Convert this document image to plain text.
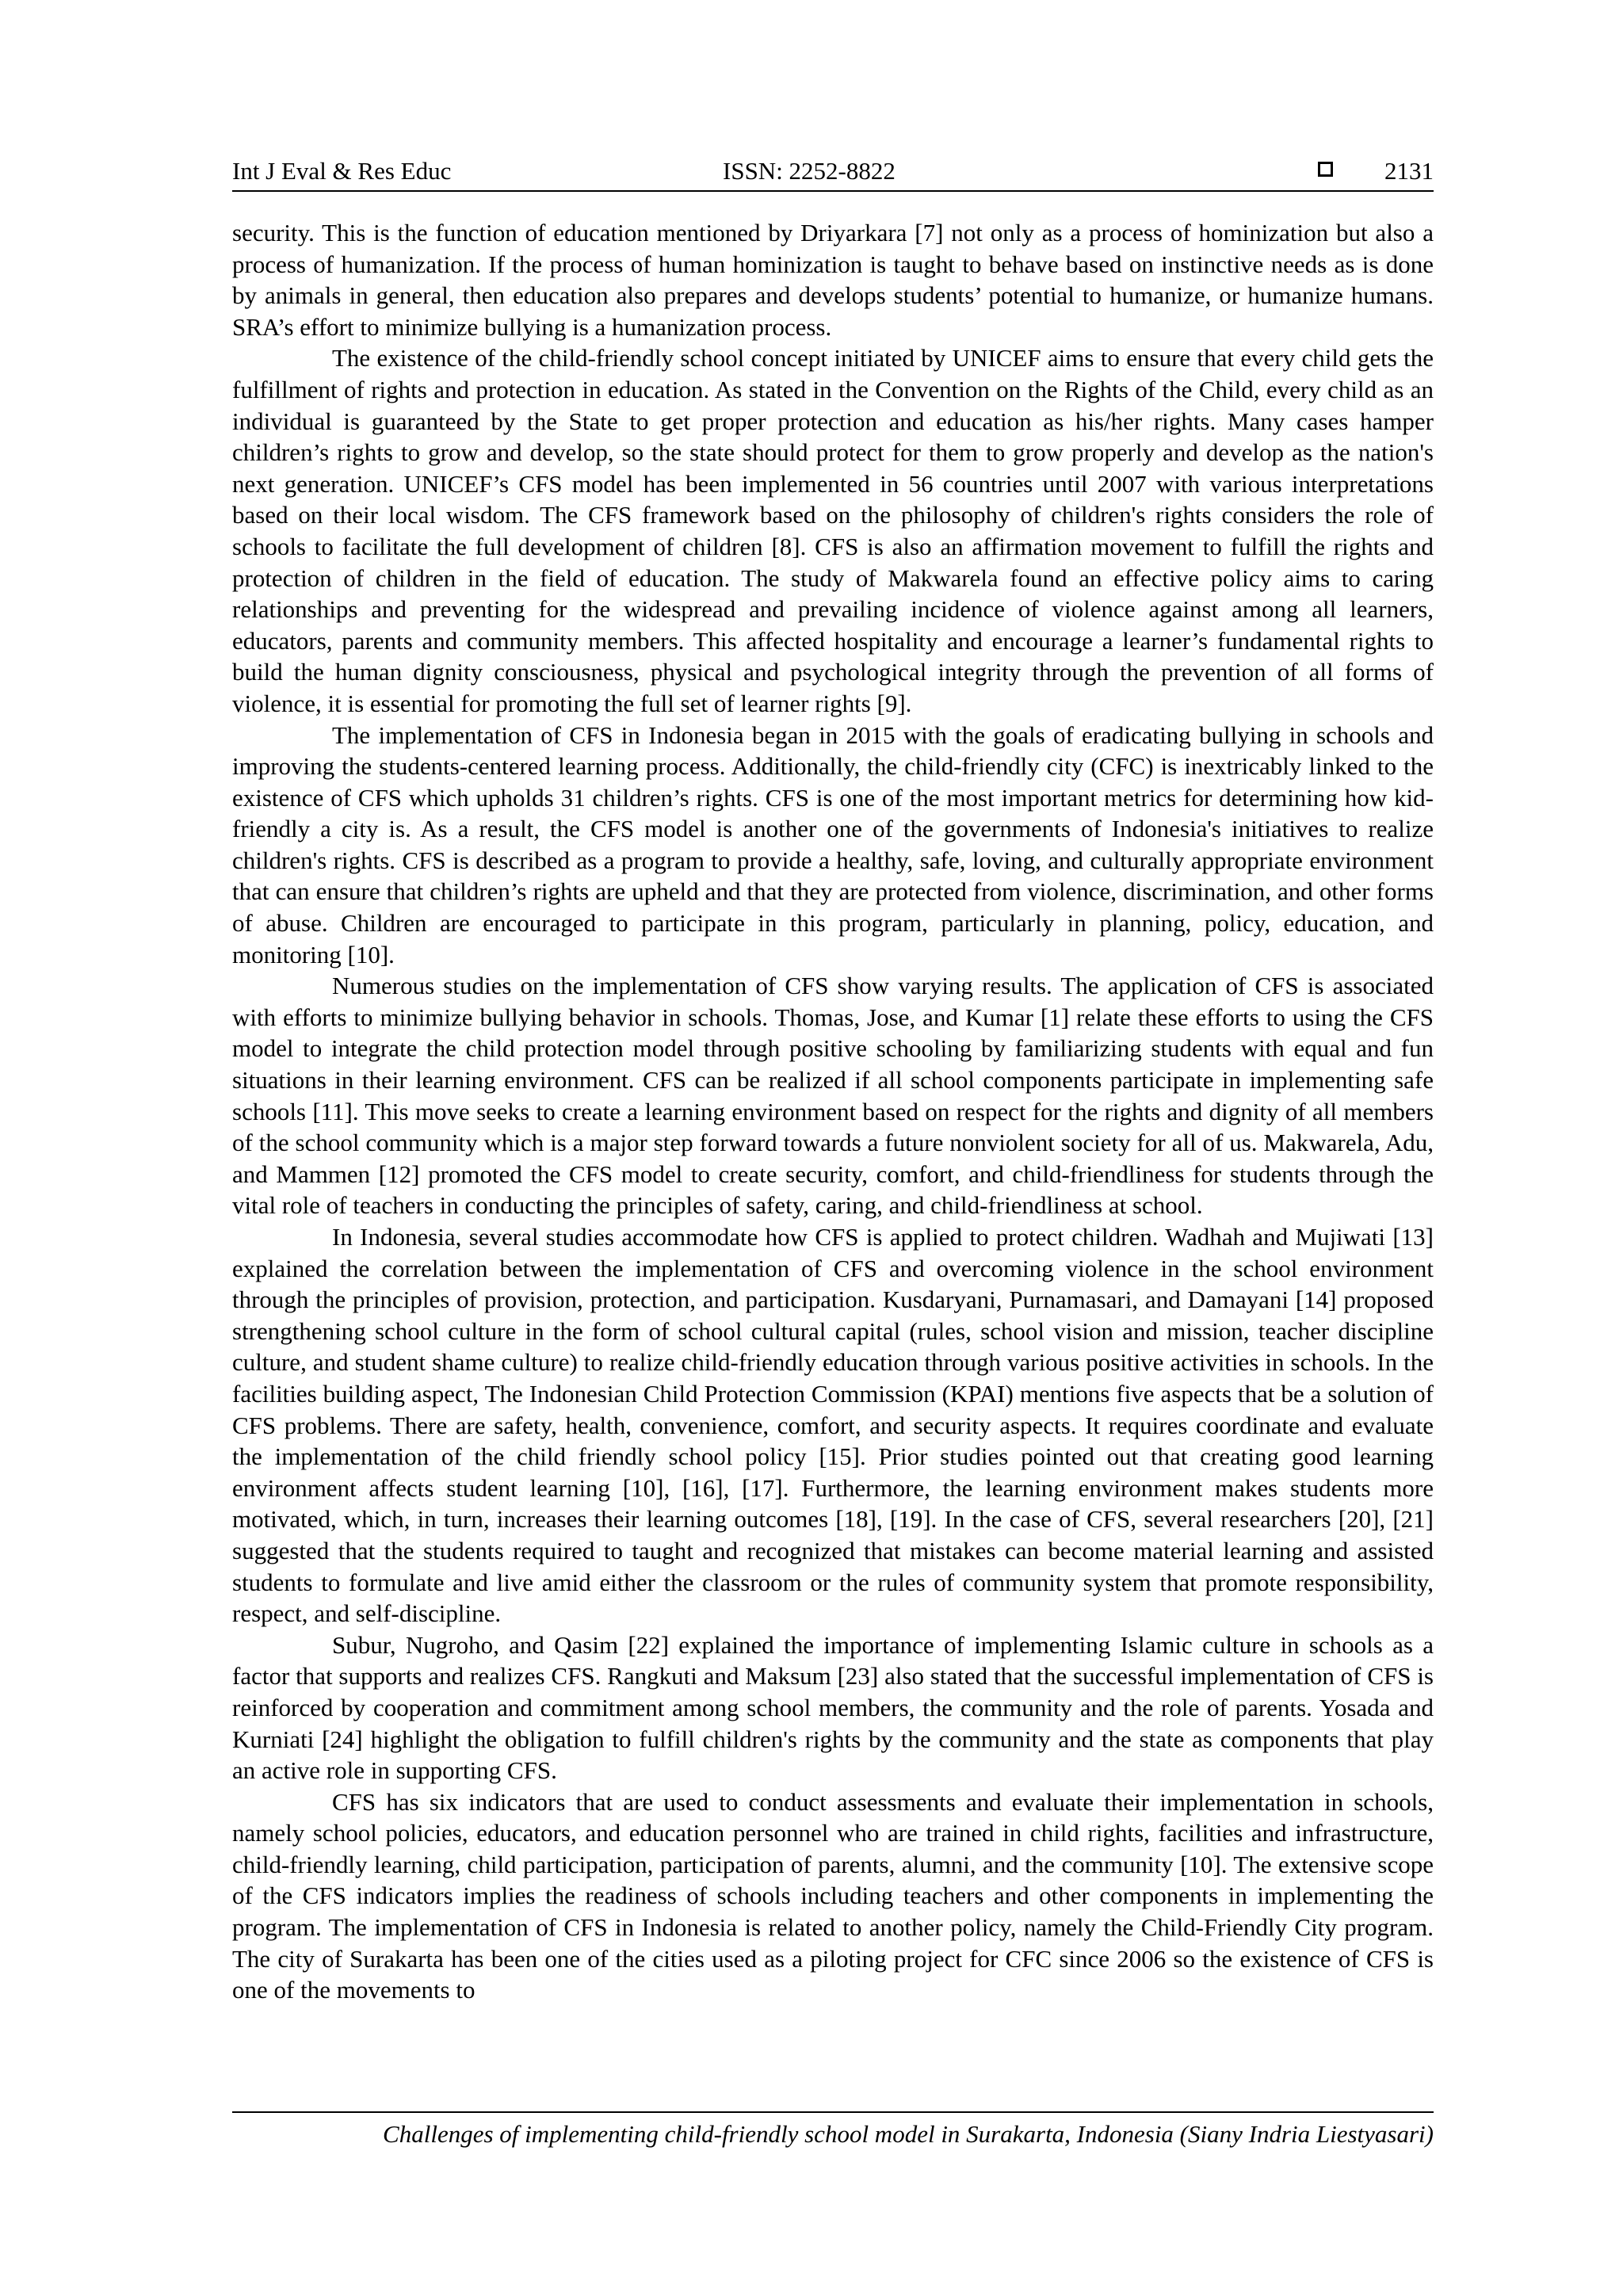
Int J Eval & Res Educ	ISSN: 2252-8822	2131

security. This is the function of education mentioned by Driyarkara [7] not only as a process of hominization but also a process of humanization. If the process of human hominization is taught to behave based on instinctive needs as is done by animals in general, then education also prepares and develops students’ potential to humanize, or humanize humans. SRA’s effort to minimize bullying is a humanization process.

The existence of the child-friendly school concept initiated by UNICEF aims to ensure that every child gets the fulfillment of rights and protection in education. As stated in the Convention on the Rights of the Child, every child as an individual is guaranteed by the State to get proper protection and education as his/her rights. Many cases hamper children’s rights to grow and develop, so the state should protect for them to grow properly and develop as the nation's next generation. UNICEF’s CFS model has been implemented in 56 countries until 2007 with various interpretations based on their local wisdom. The CFS framework based on the philosophy of children's rights considers the role of schools to facilitate the full development of children [8]. CFS is also an affirmation movement to fulfill the rights and protection of children in the field of education. The study of Makwarela found an effective policy aims to caring relationships and preventing for the widespread and prevailing incidence of violence against among all learners, educators, parents and community members. This affected hospitality and encourage a learner’s fundamental rights to build the human dignity consciousness, physical and psychological integrity through the prevention of all forms of violence, it is essential for promoting the full set of learner rights [9].

The implementation of CFS in Indonesia began in 2015 with the goals of eradicating bullying in schools and improving the students-centered learning process. Additionally, the child-friendly city (CFC) is inextricably linked to the existence of CFS which upholds 31 children’s rights. CFS is one of the most important metrics for determining how kid-friendly a city is. As a result, the CFS model is another one of the governments of Indonesia's initiatives to realize children's rights. CFS is described as a program to provide a healthy, safe, loving, and culturally appropriate environment that can ensure that children’s rights are upheld and that they are protected from violence, discrimination, and other forms of abuse. Children are encouraged to participate in this program, particularly in planning, policy, education, and monitoring [10].

Numerous studies on the implementation of CFS show varying results. The application of CFS is associated with efforts to minimize bullying behavior in schools. Thomas, Jose, and Kumar [1] relate these efforts to using the CFS model to integrate the child protection model through positive schooling by familiarizing students with equal and fun situations in their learning environment. CFS can be realized if all school components participate in implementing safe schools [11]. This move seeks to create a learning environment based on respect for the rights and dignity of all members of the school community which is a major step forward towards a future nonviolent society for all of us. Makwarela, Adu, and Mammen [12] promoted the CFS model to create security, comfort, and child-friendliness for students through the vital role of teachers in conducting the principles of safety, caring, and child-friendliness at school.

In Indonesia, several studies accommodate how CFS is applied to protect children. Wadhah and Mujiwati [13] explained the correlation between the implementation of CFS and overcoming violence in the school environment through the principles of provision, protection, and participation. Kusdaryani, Purnamasari, and Damayani [14] proposed strengthening school culture in the form of school cultural capital (rules, school vision and mission, teacher discipline culture, and student shame culture) to realize child-friendly education through various positive activities in schools. In the facilities building aspect, The Indonesian Child Protection Commission (KPAI) mentions five aspects that be a solution of CFS problems. There are safety, health, convenience, comfort, and security aspects. It requires coordinate and evaluate the implementation of the child friendly school policy [15]. Prior studies pointed out that creating good learning environment affects student learning [10], [16], [17]. Furthermore, the learning environment makes students more motivated, which, in turn, increases their learning outcomes [18], [19]. In the case of CFS, several researchers [20], [21] suggested that the students required to taught and recognized that mistakes can become material learning and assisted students to formulate and live amid either the classroom or the rules of community system that promote responsibility, respect, and self-discipline.

Subur, Nugroho, and Qasim [22] explained the importance of implementing Islamic culture in schools as a factor that supports and realizes CFS. Rangkuti and Maksum [23] also stated that the successful implementation of CFS is reinforced by cooperation and commitment among school members, the community and the role of parents. Yosada and Kurniati [24] highlight the obligation to fulfill children's rights by the community and the state as components that play an active role in supporting CFS.

CFS has six indicators that are used to conduct assessments and evaluate their implementation in schools, namely school policies, educators, and education personnel who are trained in child rights, facilities and infrastructure, child-friendly learning, child participation, participation of parents, alumni, and the community [10]. The extensive scope of the CFS indicators implies the readiness of schools including teachers and other components in implementing the program. The implementation of CFS in Indonesia is related to another policy, namely the Child-Friendly City program. The city of Surakarta has been one of the cities used as a piloting project for CFC since 2006 so the existence of CFS is one of the movements to

Challenges of implementing child-friendly school model in Surakarta, Indonesia (Siany Indria Liestyasari)
